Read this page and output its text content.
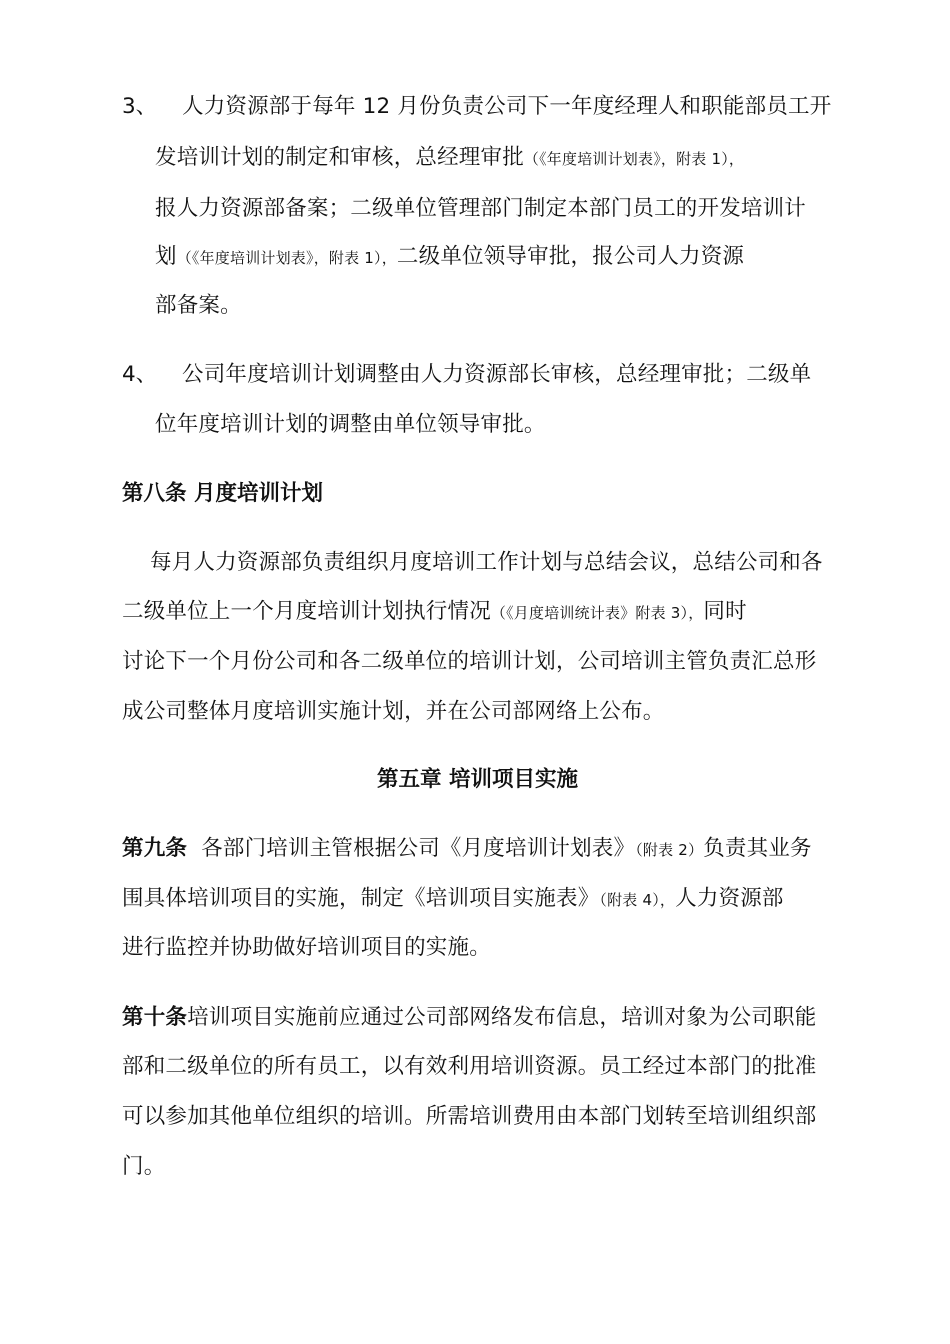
3、 人力资源部于每年 12 月份负责公司下一年度经理人和职能部员工开
发培训计划的制定和审核，总经理审批（《年度培训计划表》，附表 1），
报人力资源部备案；二级单位管理部门制定本部门员工的开发培训计
划（《年度培训计划表》，附表 1），二级单位领导审批，报公司人力资源
部备案。
4、 公司年度培训计划调整由人力资源部长审核，总经理审批；二级单
位年度培训计划的调整由单位领导审批。
第八条 月度培训计划
每月人力资源部负责组织月度培训工作计划与总结会议，总结公司和各
二级单位上一个月度培训计划执行情况（《月度培训统计表》附表 3），同时
讨论下一个月份公司和各二级单位的培训计划，公司培训主管负责汇总形
成公司整体月度培训实施计划，并在公司部网络上公布。
第五章 培训项目实施
第九条 各部门培训主管根据公司《月度培训计划表》（附表 2）负责其业务
围具体培训项目的实施，制定《培训项目实施表》（附表 4），人力资源部
进行监控并协助做好培训项目的实施。
第十条培训项目实施前应通过公司部网络发布信息，培训对象为公司职能
部和二级单位的所有员工，以有效利用培训资源。员工经过本部门的批准
可以参加其他单位组织的培训。所需培训费用由本部门划转至培训组织部
门。
